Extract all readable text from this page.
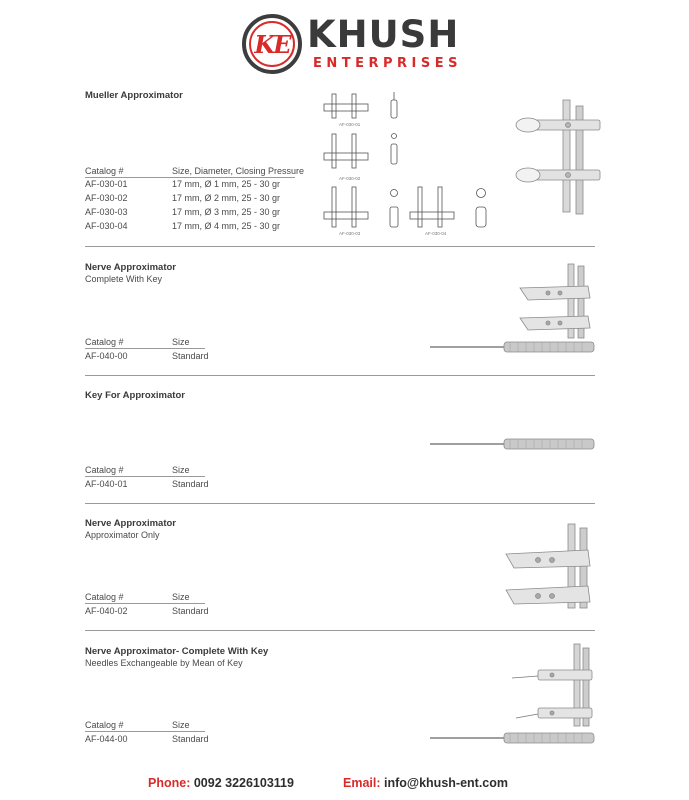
KE KHUSH
ENTERPRISES
Mueller Approximator
Catalog #	Size, Diameter, Closing Pressure
AF-030-01	17 mm, Ø 1 mm, 25 - 30 gr
AF-030-02	17 mm, Ø 2 mm, 25 - 30 gr
AF-030-03	17 mm, Ø 3 mm, 25 - 30 gr
AF-030-04	17 mm, Ø 4 mm, 25 - 30 gr
AF-030-01
AF-030-02
AF-030-03	AF-030-04
Nerve Approximator
Complete With Key
Catalog #	Size
AF-040-00	Standard
Key For Approximator
Catalog #	Size
AF-040-01	Standard
Nerve Approximator
Approximator Only
Catalog #	Size
AF-040-02	Standard
Nerve Approximator- Complete With Key
Needles Exchangeable by Mean of Key
Catalog #	Size
AF-044-00	Standard
Phone: 0092 3226103119	Email: info@khush-ent.com
